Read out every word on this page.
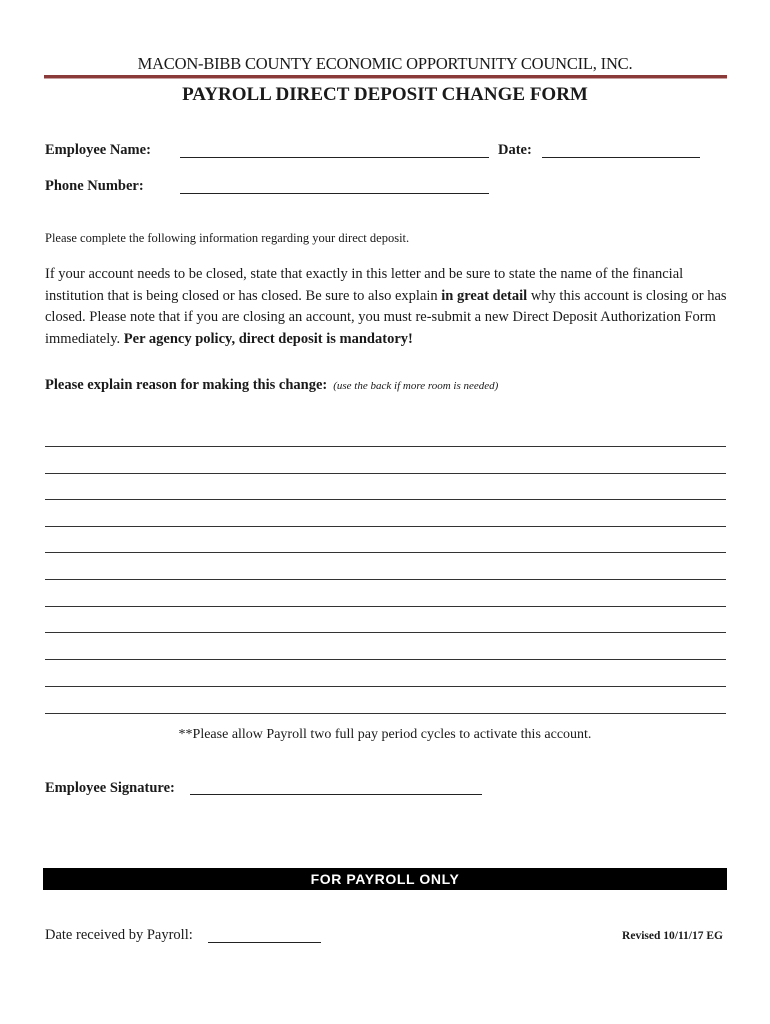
MACON-BIBB COUNTY ECONOMIC OPPORTUNITY COUNCIL, INC.
PAYROLL DIRECT DEPOSIT CHANGE FORM
Employee Name:	Date:
Phone Number:
Please complete the following information regarding your direct deposit.
If your account needs to be closed, state that exactly in this letter and be sure to state the name of the financial institution that is being closed or has closed. Be sure to also explain in great detail why this account is closing or has closed. Please note that if you are closing an account, you must re-submit a new Direct Deposit Authorization Form immediately. Per agency policy, direct deposit is mandatory!
Please explain reason for making this change: (use the back if more room is needed)
**Please allow Payroll two full pay period cycles to activate this account.
Employee Signature:
FOR PAYROLL ONLY
Date received by Payroll:	Revised 10/11/17 EG
